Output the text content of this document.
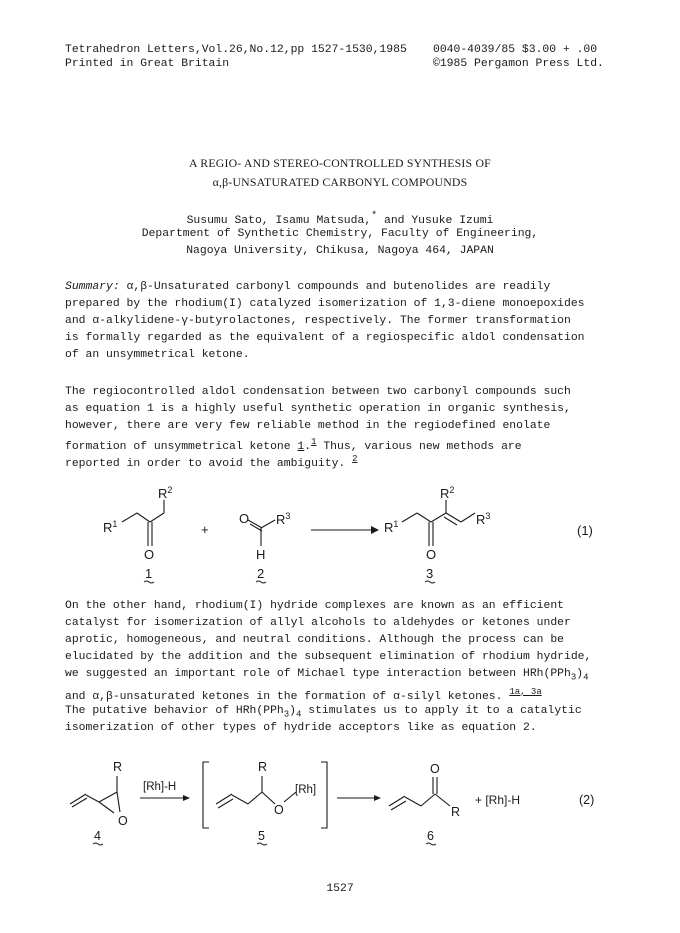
Tetrahedron Letters,Vol.26,No.12,pp 1527-1530,1985 0040-4039/85 $3.00 + .00
Printed in Great Britain	©1985 Pergamon Press Ltd.
A REGIO- AND STEREO-CONTROLLED SYNTHESIS OF
α,β-UNSATURATED CARBONYL COMPOUNDS
Susumu Sato, Isamu Matsuda,* and Yusuke Izumi
Department of Synthetic Chemistry, Faculty of Engineering,
Nagoya University, Chikusa, Nagoya 464, JAPAN
Summary: α,β-Unsaturated carbonyl compounds and butenolides are readily
prepared by the rhodium(I) catalyzed isomerization of 1,3-diene monoepoxides
and α-alkylidene-γ-butyrolactones, respectively. The former transformation
is formally regarded as the equivalent of a regiospecific aldol condensation
of an unsymmetrical ketone.
The regiocontrolled aldol condensation between two carbonyl compounds such
as equation 1 is a highly useful synthetic operation in organic synthesis,
however, there are very few reliable method in the regiodefined enolate
formation of unsymmetrical ketone 1.$^1$ Thus, various new methods are
reported in order to avoid the ambiguity. $^2$
$R^2$
$R^1$
O
+
O $R^3$
H
$R^2$
$R^1$	$R^3$
O
(1)
1	2	3
On the other hand, rhodium(I) hydride complexes are known as an efficient
catalyst for isomerization of allyl alcohols to aldehydes or ketones under
aprotic, homogeneous, and neutral conditions. Although the process can be
elucidated by the addition and the subsequent elimination of rhodium hydride,
we suggested an important role of Michael type interaction between $HRh(PPh_3)_4$
and α,β-unsaturated ketones in the formation of α-silyl ketones. $^{1a, 3a}$
The putative behavior of $HRh(PPh_3)_4$ stimulates us to apply it to a catalytic
isomerization of other types of hydride acceptors like as equation 2.
R
O
[Rh]-H
R
O
[Rh]
O
R
+ [Rh]-H	(2)
4	5	6
1527
